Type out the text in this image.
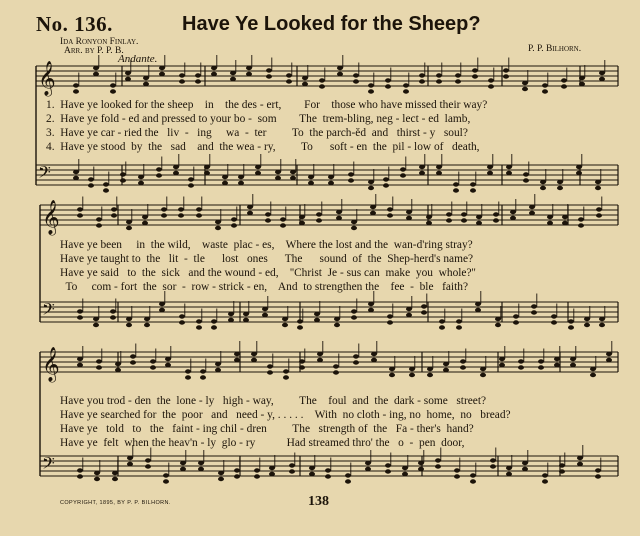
No. 136.	Have Ye Looked for the Sheep?
Ida Ronyon Finlay.
Arr. by P. P. B.	P. P. Bilhorn.
Andante.
𝄞
𝄢
𝄞
𝄢
𝄞
𝄢
1.  Have ye looked for the sheep    in    the des - ert,        For    those who have missed their way?
2.  Have ye fold - ed and pressed to your bo -  som        The  trem-bling, neg - lect - ed  lamb,
3.  Have ye car - ried the   liv  -   ing     wa  -  ter         To  the parch-ĕd  and   thirst - y   soul?
4.  Have ye stood  by  the   sad    and  the wea - ry,         To      soft - en  the  pil - low of   death,
Have ye been     in  the wild,    waste  plac - es,    Where the lost and the  wan-d'ring stray?
Have ye taught to  the   lit  -  tle      lost   ones      The      sound  of  the  Shep-herd's name?
Have ye said   to  the  sick   and the wound - ed,    ''Christ  Je - sus can  make  you  whole?''
To     com - fort  the  sor  -  row - strick - en,    And  to strengthen the    fee  -  ble   faith?
Have you trod - den  the  lone - ly   high - way,         The    foul  and  the  dark - some   street?
Have ye searched for  the  poor   and   need - y, . . . . .    With  no cloth - ing, no  home,  no   bread?
Have ye   told   to   the   faint - ing chil - dren         The   strength of  the   Fa - ther's  hand?
Have ye  felt  when the heav'n - ly  glo - ry           Had streamed thro' the   o  -  pen  door,
COPYRIGHT, 1895, BY P. P. BILHORN.	138
